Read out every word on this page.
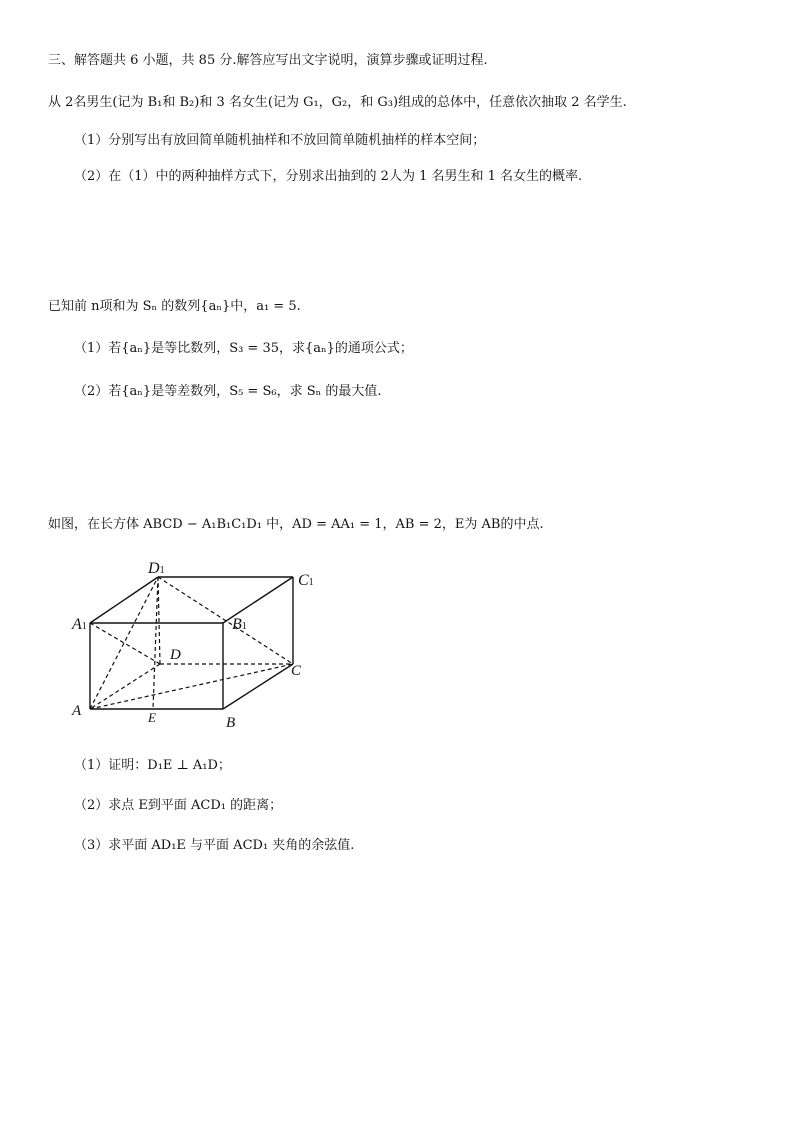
三、解答题共 6 小题，共 85 分.解答应写出文字说明，演算步骤或证明过程.
从 2名男生(记为 B₁和 B₂)和 3 名女生(记为 G₁，G₂，和 G₃)组成的总体中，任意依次抽取 2 名学生.
（1）分别写出有放回简单随机抽样和不放回简单随机抽样的样本空间；
（2）在（1）中的两种抽样方式下，分别求出抽到的 2人为 1 名男生和 1 名女生的概率.
已知前 n项和为 Sₙ 的数列{aₙ}中，a₁ = 5.
（1）若{aₙ}是等比数列，S₃ = 35，求{aₙ}的通项公式；
（2）若{aₙ}是等差数列，S₅ = S₆，求 Sₙ 的最大值.
如图，在长方体 ABCD − A₁B₁C₁D₁ 中，AD = AA₁ = 1，AB = 2，E为 AB的中点.
D1
C1
A1	B1
D
C
A	E	B
（1）证明：D₁E ⊥ A₁D；
（2）求点 E到平面 ACD₁ 的距离；
（3）求平面 AD₁E 与平面 ACD₁ 夹角的余弦值.
